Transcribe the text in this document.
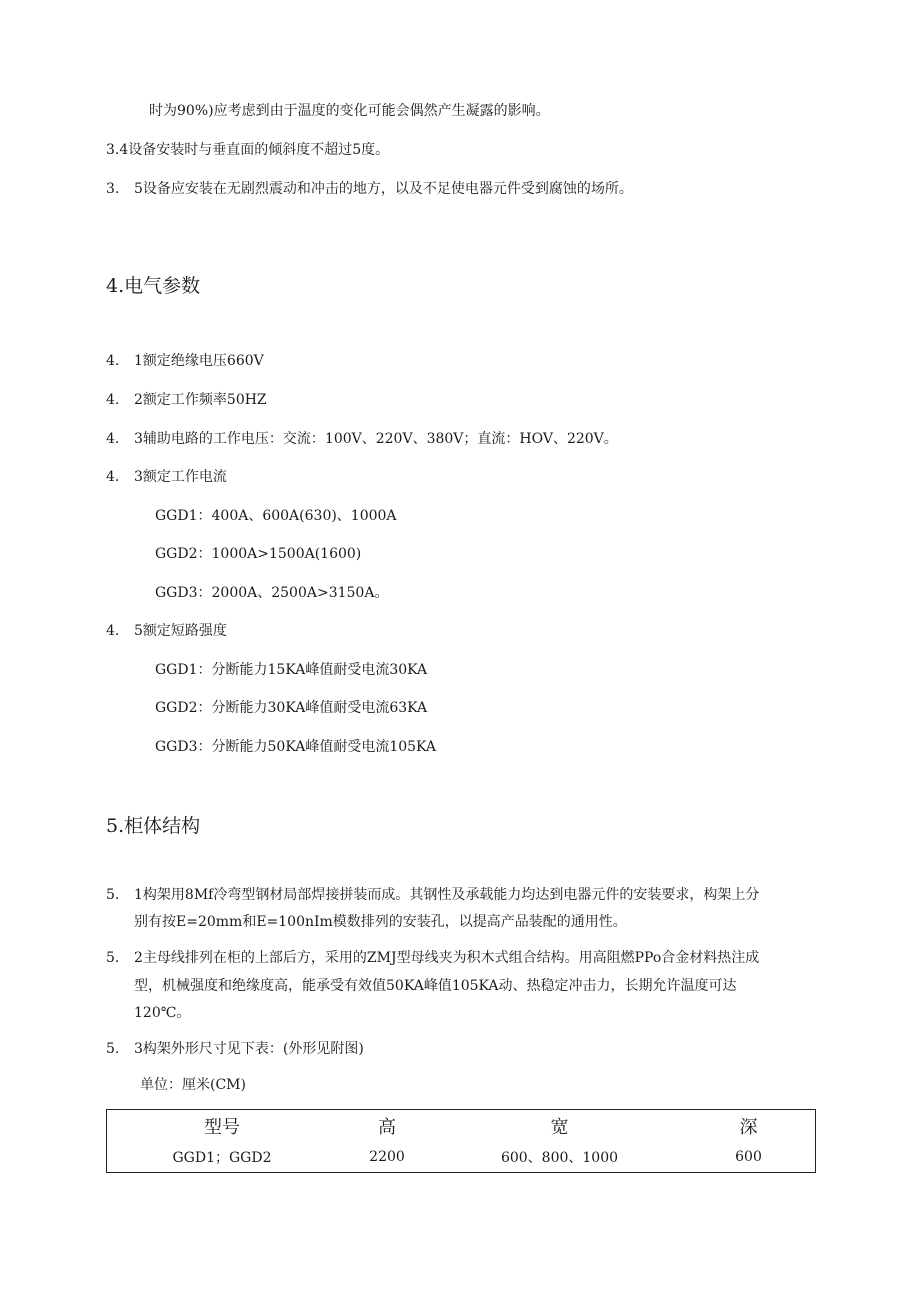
时为90%)应考虑到由于温度的变化可能会偶然产生凝露的影响。
3.4设备安装时与垂直面的倾斜度不超过5度。
3. 5设备应安装在无剧烈震动和冲击的地方，以及不足使电器元件受到腐蚀的场所。
4.电气参数
4. 1额定绝缘电压660V
4. 2额定工作频率50HZ
4. 3辅助电路的工作电压：交流：100V、220V、380V；直流：HOV、220V。
4. 3额定工作电流
GGD1：400A、600A(630)、1000A
GGD2：1000A>1500A(1600)
GGD3：2000A、2500A>3150A。
4. 5额定短路强度
GGD1：分断能力15KA峰值耐受电流30KA
GGD2：分断能力30KA峰值耐受电流63KA
GGD3：分断能力50KA峰值耐受电流105KA
5.柜体结构
5. 1构架用8Mf冷弯型钢材局部焊接拼装而成。其钢性及承载能力均达到电器元件的安装要求，构架上分
别有按E=20mm和E=100nIm模数排列的安装孔，以提高产品装配的通用性。
5. 2主母线排列在柜的上部后方，采用的ZMJ型母线夹为积木式组合结构。用高阻燃PPo合金材料热注成
型，机械强度和绝缘度高，能承受有效值50KA峰值105KA动、热稳定冲击力，长期允许温度可达
120℃。
5. 3构架外形尺寸见下表：(外形见附图)
单位：厘米(CM)
型号	高	宽	深
GGD1；GGD2	2200	600、800、1000	600
